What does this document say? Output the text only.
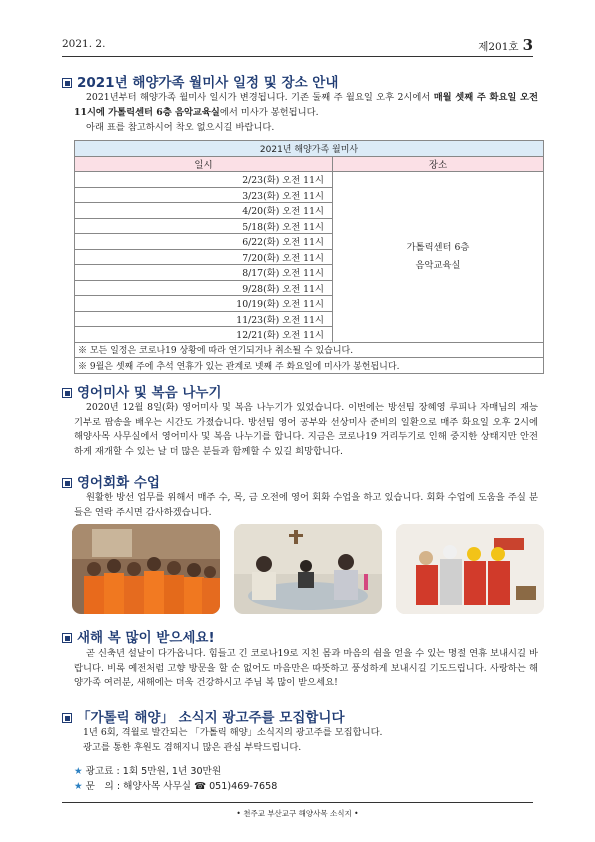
2021. 2.	제201호 3
2021년 해양가족 월미사 일정 및 장소 안내
2021년부터 해양가족 월미사 일시가 변경됩니다. 기존 둘째 주 월요일 오후 2시에서 매월 셋째 주 화요일 오전 11시에 가톨릭센터 6층 음악교육실에서 미사가 봉헌됩니다.
아래 표를 참고하시어 착오 없으시길 바랍니다.
2021년 해양가족 월미사	
일시	장소
2/23(화) 오전 11시	가톨릭센터 6층
음악교육실
3/23(화) 오전 11시	
4/20(화) 오전 11시	
5/18(화) 오전 11시	
6/22(화) 오전 11시	
7/20(화) 오전 11시	
8/17(화) 오전 11시	
9/28(화) 오전 11시	
10/19(화) 오전 11시	
11/23(화) 오전 11시	
12/21(화) 오전 11시	
※ 모든 일정은 코로나19 상황에 따라 연기되거나 취소될 수 있습니다.	
※ 9월은 셋째 주에 추석 연휴가 있는 관계로 넷째 주 화요일에 미사가 봉헌됩니다.	
영어미사 및 복음 나누기
2020년 12월 8일(화) 영어미사 및 복음 나누기가 있었습니다. 이번에는 방선팀 장혜영 루피나 자매님의 재능 기부로 팝송을 배우는 시간도 가졌습니다. 방선팀 영어 공부와 선상미사 준비의 일환으로 매주 화요일 오후 2시에 해양사목 사무실에서 영어미사 및 복음 나누기를 합니다. 지금은 코로나19 거리두기로 인해 중지한 상태지만 안전하게 재개할 수 있는 날 더 많은 분들과 함께할 수 있길 희망합니다.
영어회화 수업
원활한 방선 업무를 위해서 매주 수, 목, 금 오전에 영어 회화 수업을 하고 있습니다. 회화 수업에 도움을 주실 분들은 연락 주시면 감사하겠습니다.
새해 복 많이 받으세요!
곧 신축년 설날이 다가옵니다. 힘들고 긴 코로나19로 지친 몸과 마음의 쉼을 얻을 수 있는 명절 연휴 보내시길 바랍니다. 비록 예전처럼 고향 방문을 할 순 없어도 마음만은 따뜻하고 풍성하게 보내시길 기도드립니다. 사랑하는 해양가족 여러분, 새해에는 더욱 건강하시고 주님 복 많이 받으세요!
「가톨릭 해양」 소식지 광고주를 모집합니다
1년 6회, 격월로 발간되는 「가톨릭 해양」소식지의 광고주를 모집합니다.
광고를 통한 후원도 겸해지니 많은 관심 부탁드립니다.
★ 광고료 : 1회 5만원, 1년 30만원
★ 문　의 : 해양사목 사무실 ☎ 051)469-7658
• 천주교 부산교구 해양사목 소식지 •
